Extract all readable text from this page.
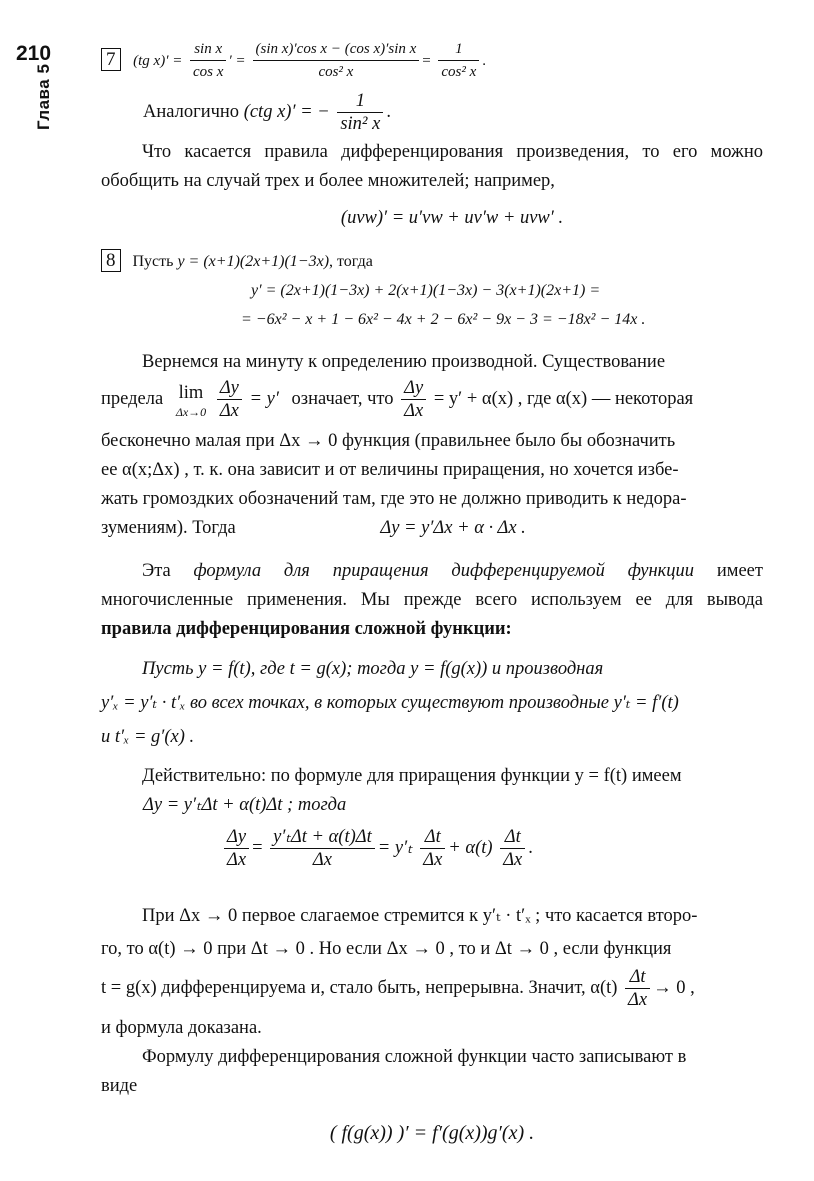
210
Глава 5
7 (tg $x)' = \frac{\text{sin x}}{\text{cos x}}$ ′ = $\frac{\text{(sin x)′cos x − (cos x)′sin x}}{\text{cos² x}} = \frac{1}{\text{cos² x}}$ .
Аналогично (ctg x)′ = − $\frac{1}{\text{sin² x}}$ .
Что касается правила дифференцирования произведения, то его можно обобщить на случай трех и более множителей; например,
(uvw)′ = u′vw + uv′w + uvw′ .
8 Пусть y = (x+1)(2x+1)(1−3x), тогда
y′ = (2x+1)(1−3x) + 2(x+1)(1−3x) − 3(x+1)(2x+1) =
= −6x² − x + 1 − 6x² − 4x + 2 − 6x² − 9x − 3 = −18x² − 14x .
Вернемся на минуту к определению производной. Существование
предела lim
Δx→0
$\frac{\Delta y}{\Delta x} = y'$ означает, что $\frac{\Delta y}{\Delta x} = y' + \alpha(x)$ , где α(x) — некоторая
бесконечно малая при Δx → 0 функция (правильнее было бы обозначить
ее α(x;Δx) , т. к. она зависит и от величины приращения, но хочется избе-
жать громоздких обозначений там, где это не должно приводить к недора-
зумениям). Тогда	Δy = y′Δx + α · Δx .
Эта формула для приращения дифференцируемой функции имеет многочисленные применения. Мы прежде всего используем ее для вывода правила дифференцирования сложной функции:
Пусть y = f(t), где t = g(x); тогда y = f(g(x)) и производная
y′ₓ = y′ₜ · t′ₓ во всех точках, в которых существуют производные y′ₜ = f′(t)
и t′ₓ = g′(x) .
Действительно: по формуле для приращения функции y = f(t) имеем
Δy = y′ₜΔt + α(t)Δt ; тогда
$\frac{\Delta y}{\Delta x} = \frac{\text{y′ₜΔt + α(t)Δt}}{\Delta x} = y'_t \frac{\Delta t}{\Delta x} + \alpha(t) \frac{\Delta t}{\Delta x}$ .
При Δx → 0 первое слагаемое стремится к y′ₜ · t′ₓ ; что касается второ-
го, то α(t) → 0 при Δt → 0 . Но если Δx → 0 , то и Δt → 0 , если функция
t = g(x) дифференцируема и, стало быть, непрерывна. Значит, $\alpha(t) \frac{\Delta t}{\Delta x} \to 0$ ,
и формула доказана.
Формулу дифференцирования сложной функции часто записывают в
виде
( f(g(x)) )′ = f′(g(x))g′(x) .
